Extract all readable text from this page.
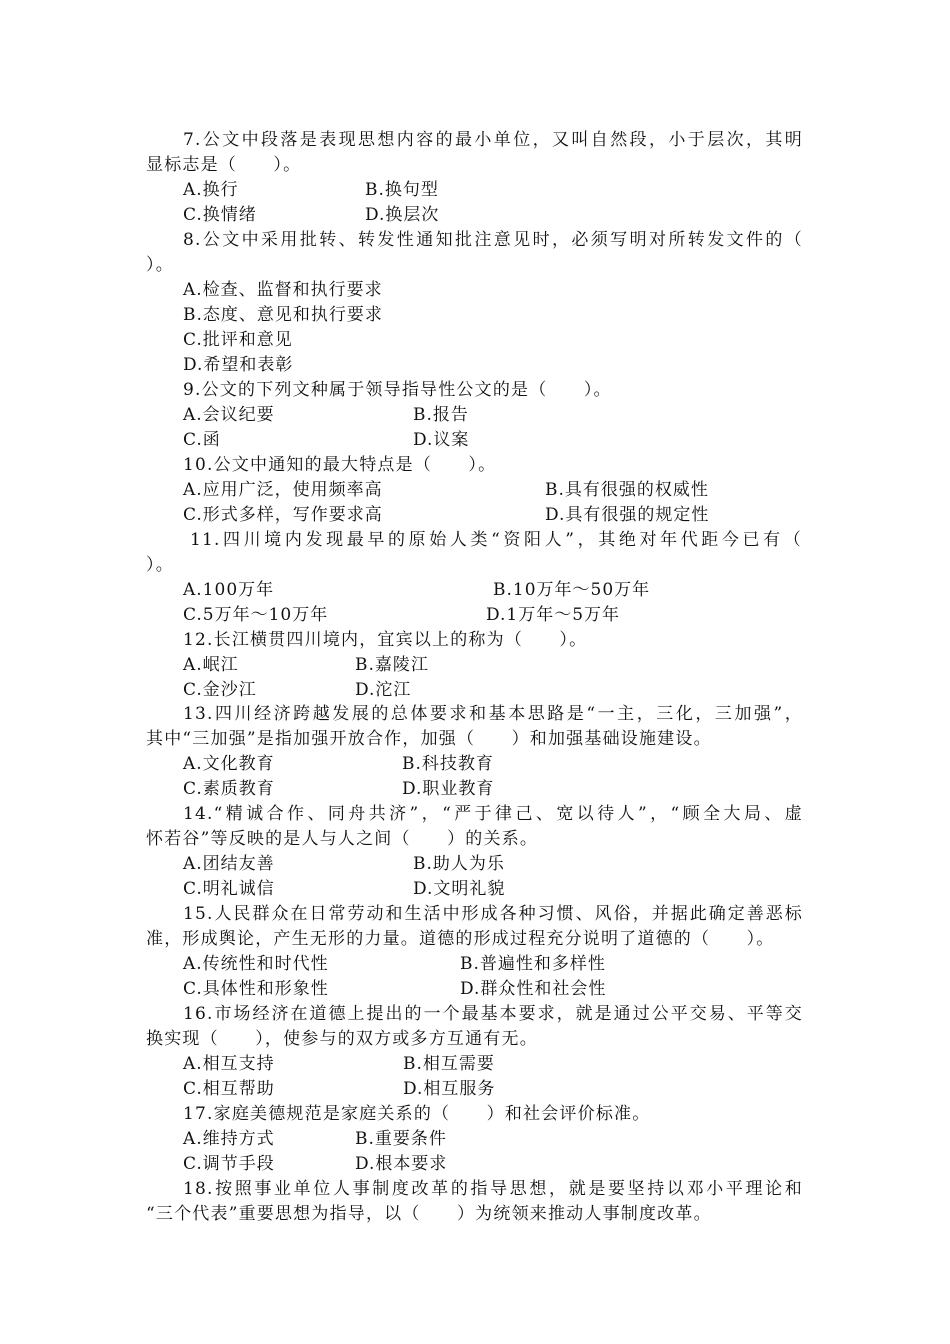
7.公文中段落是表现思想内容的最小单位，又叫自然段，小于层次，其明
显标志是（　　）。
A.换行	B.换句型
C.换情绪	D.换层次
8.公文中采用批转、转发性通知批注意见时，必须写明对所转发文件的（
）。
A.检查、监督和执行要求
B.态度、意见和执行要求
C.批评和意见
D.希望和表彰
9.公文的下列文种属于领导指导性公文的是（　　）。
A.会议纪要	B.报告
C.函	D.议案
10.公文中通知的最大特点是（　　）。
A.应用广泛，使用频率高	B.具有很强的权威性
C.形式多样，写作要求高	D.具有很强的规定性
11.四川境内发现最早的原始人类“资阳人”，其绝对年代距今已有（
）。
A.100万年	B.10万年～50万年
C.5万年～10万年	D.1万年～5万年
12.长江横贯四川境内，宜宾以上的称为（　　）。
A.岷江	B.嘉陵江
C.金沙江	D.沱江
13.四川经济跨越发展的总体要求和基本思路是“一主，三化，三加强”，
其中“三加强”是指加强开放合作，加强（　　）和加强基础设施建设。
A.文化教育	B.科技教育
C.素质教育	D.职业教育
14.“精诚合作、同舟共济”，“严于律己、宽以待人”，“顾全大局、虚
怀若谷”等反映的是人与人之间（　　）的关系。
A.团结友善	B.助人为乐
C.明礼诚信	D.文明礼貌
15.人民群众在日常劳动和生活中形成各种习惯、风俗，并据此确定善恶标
准，形成舆论，产生无形的力量。道德的形成过程充分说明了道德的（　　）。
A.传统性和时代性	B.普遍性和多样性
C.具体性和形象性	D.群众性和社会性
16.市场经济在道德上提出的一个最基本要求，就是通过公平交易、平等交
换实现（　　），使参与的双方或多方互通有无。
A.相互支持	B.相互需要
C.相互帮助	D.相互服务
17.家庭美德规范是家庭关系的（　　）和社会评价标准。
A.维持方式	B.重要条件
C.调节手段	D.根本要求
18.按照事业单位人事制度改革的指导思想，就是要坚持以邓小平理论和
“三个代表”重要思想为指导，以（　　）为统领来推动人事制度改革。
